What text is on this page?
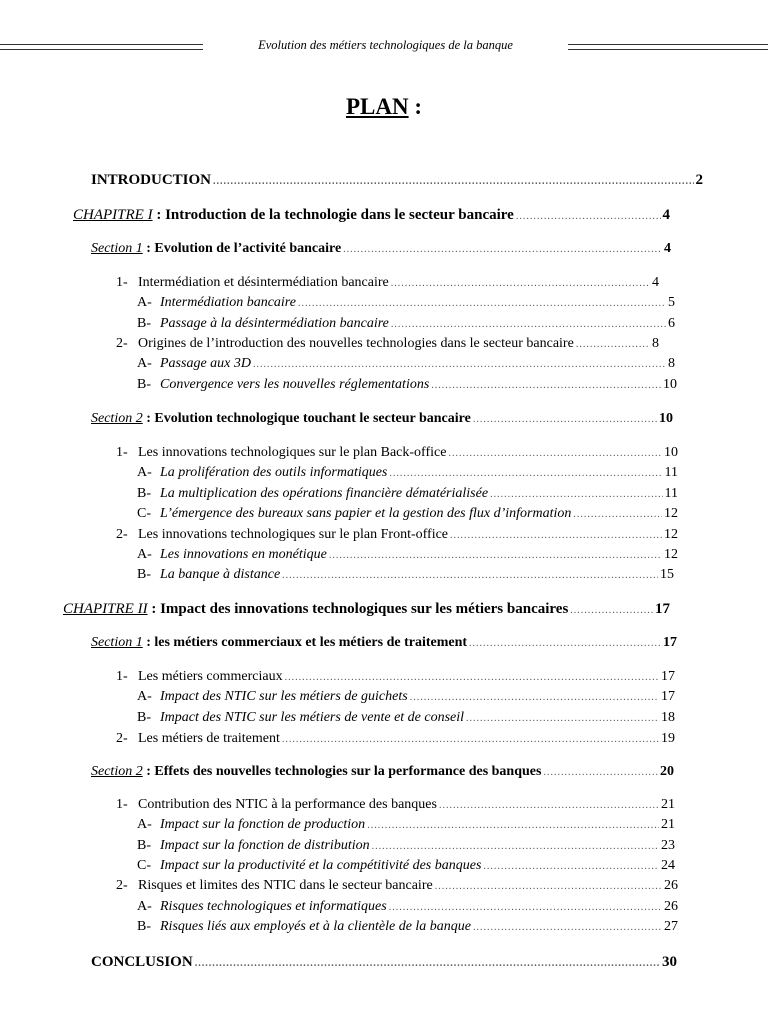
Evolution des métiers technologiques de la banque
PLAN :
INTRODUCTION .....	2
CHAPITRE I : Introduction de la technologie dans le secteur bancaire .....	4
Section 1 : Evolution de l’activité bancaire .....	4
1- Intermédiation et désintermédiation bancaire .....	4
A- Intermédiation bancaire .....	5
B- Passage à la désintermédiation bancaire .....	6
2- Origines de l’introduction des nouvelles technologies dans le secteur bancaire .....	8
A- Passage aux 3D .....	8
B- Convergence vers les nouvelles réglementations .....	10
Section 2 : Evolution technologique touchant le secteur bancaire .....	10
1- Les innovations technologiques sur le plan Back-office .....	10
A- La prolifération des outils informatiques .....	11
B- La multiplication des opérations financière dématérialisée .....	11
C- L’émergence des bureaux sans papier et la gestion des flux d’information .....	12
2- Les innovations technologiques sur le plan Front-office .....	12
A- Les innovations en monétique .....	12
B- La banque à distance .....	15
CHAPITRE II : Impact des innovations technologiques sur les métiers bancaires .....	17
Section 1 : les métiers commerciaux et les métiers de traitement .....	17
1- Les métiers commerciaux .....	17
A- Impact des NTIC sur les métiers de guichets .....	17
B- Impact des NTIC sur les métiers de vente et de conseil .....	18
2- Les métiers de traitement .....	19
Section 2 : Effets des nouvelles technologies sur la performance des banques .....	20
1- Contribution des NTIC à la performance des banques .....	21
A- Impact sur la fonction de production .....	21
B- Impact sur la fonction de distribution .....	23
C- Impact sur la productivité et la compétitivité des banques .....	24
2- Risques et limites des NTIC dans le secteur bancaire .....	26
A- Risques technologiques et informatiques .....	26
B- Risques liés aux employés et à la clientèle de la banque .....	27
CONCLUSION .....	30
